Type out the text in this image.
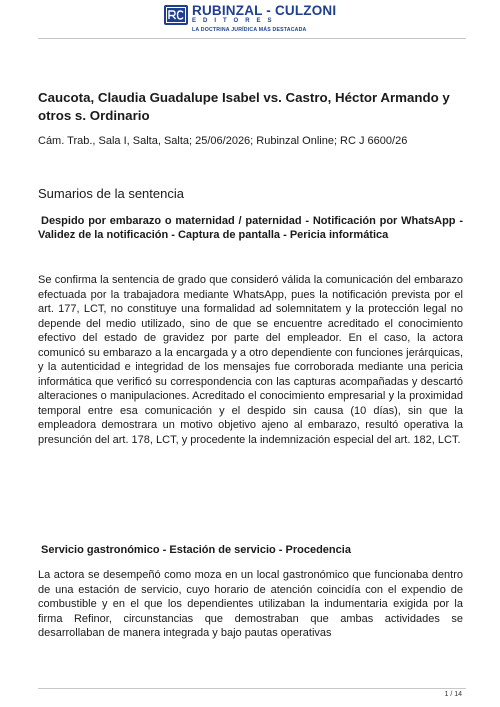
RUBINZAL - CULZONI
EDITORES
LA DOCTRINA JURÍDICA MÁS DESTACADA
Caucota, Claudia Guadalupe Isabel vs. Castro, Héctor Armando y otros s. Ordinario

Cám. Trab., Sala I, Salta, Salta; 25/06/2026; Rubinzal Online; RC J 6600/26

Sumarios de la sentencia
Despido por embarazo o maternidad / paternidad - Notificación por WhatsApp - Validez de la notificación - Captura de pantalla - Pericia informática

Se confirma la sentencia de grado que consideró válida la comunicación del embarazo efectuada por la trabajadora mediante WhatsApp, pues la notificación prevista por el art. 177, LCT, no constituye una formalidad ad solemnitatem y la protección legal no depende del medio utilizado, sino de que se encuentre acreditado el conocimiento efectivo del estado de gravidez por parte del empleador. En el caso, la actora comunicó su embarazo a la encargada y a otro dependiente con funciones jerárquicas, y la autenticidad e integridad de los mensajes fue corroborada mediante una pericia informática que verificó su correspondencia con las capturas acompañadas y descartó alteraciones o manipulaciones. Acreditado el conocimiento empresarial y la proximidad temporal entre esa comunicación y el despido sin causa (10 días), sin que la empleadora demostrara un motivo objetivo ajeno al embarazo, resultó operativa la presunción del art. 178, LCT, y procedente la indemnización especial del art. 182, LCT.

Servicio gastronómico - Estación de servicio - Procedencia

La actora se desempeñó como moza en un local gastronómico que funcionaba dentro de una estación de servicio, cuyo horario de atención coincidía con el expendio de combustible y en el que los dependientes utilizaban la indumentaria exigida por la firma Refinor, circunstancias que demostraban que ambas actividades se desarrollaban de manera integrada y bajo pautas operativas

1 / 14
